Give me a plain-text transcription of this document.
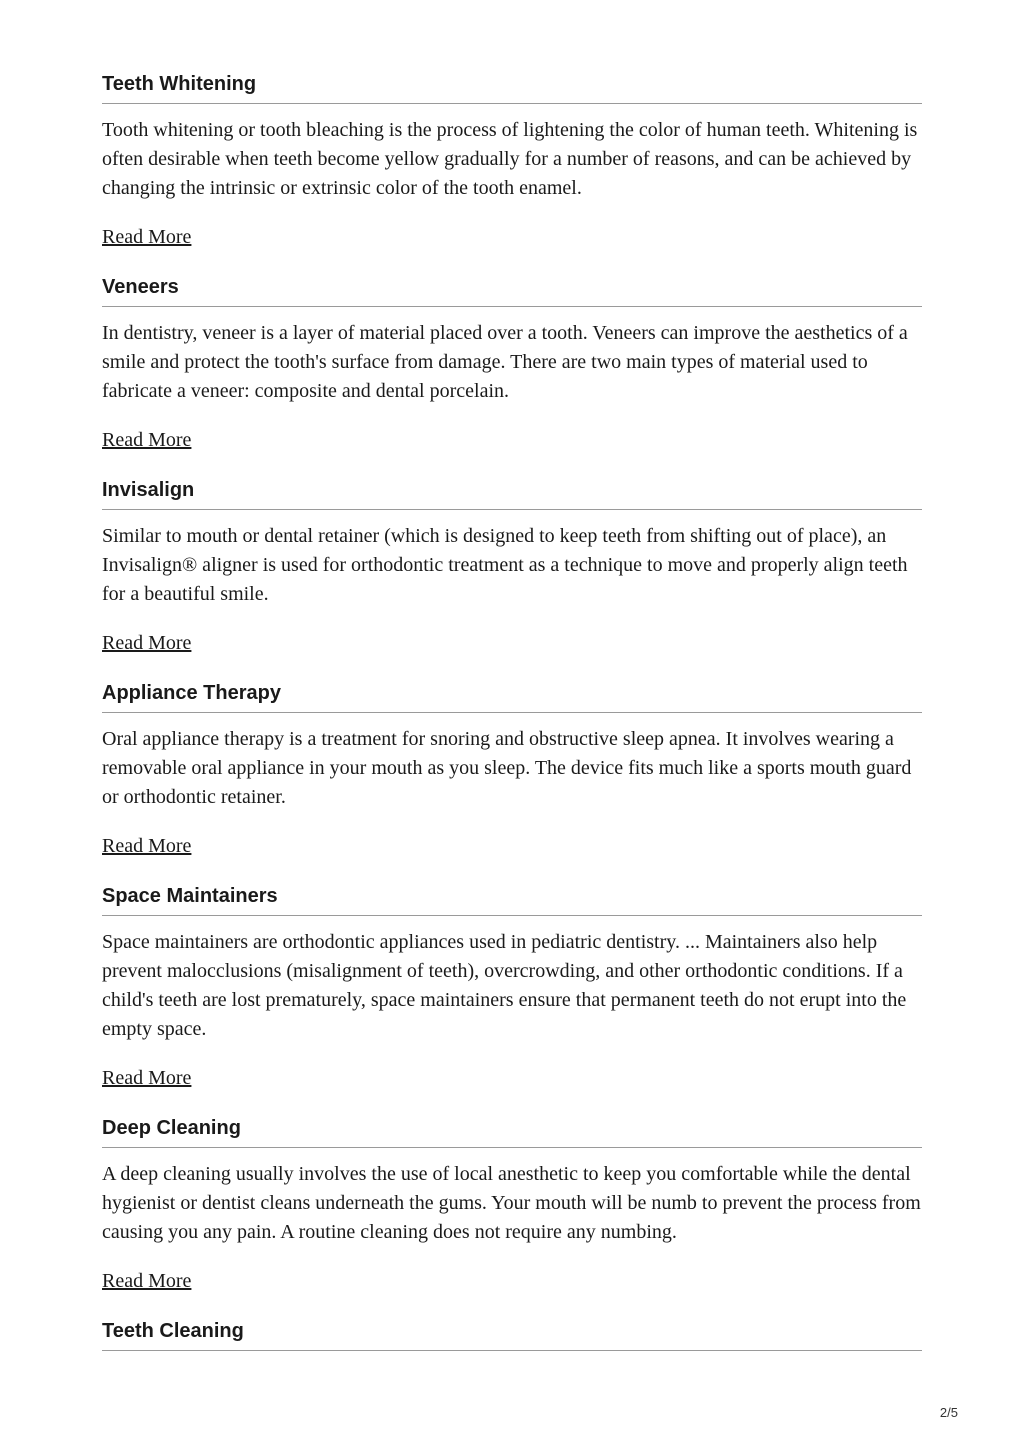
Teeth Whitening

Tooth whitening or tooth bleaching is the process of lightening the color of human teeth. Whitening is often desirable when teeth become yellow gradually for a number of reasons, and can be achieved by changing the intrinsic or extrinsic color of the tooth enamel.

Read More
Veneers

In dentistry, veneer is a layer of material placed over a tooth. Veneers can improve the aesthetics of a smile and protect the tooth's surface from damage. There are two main types of material used to fabricate a veneer: composite and dental porcelain.

Read More
Invisalign

Similar to mouth or dental retainer (which is designed to keep teeth from shifting out of place), an Invisalign® aligner is used for orthodontic treatment as a technique to move and properly align teeth for a beautiful smile.

Read More
Appliance Therapy

Oral appliance therapy is a treatment for snoring and obstructive sleep apnea. It involves wearing a removable oral appliance in your mouth as you sleep. The device fits much like a sports mouth guard or orthodontic retainer.

Read More
Space Maintainers

Space maintainers are orthodontic appliances used in pediatric dentistry. ... Maintainers also help prevent malocclusions (misalignment of teeth), overcrowding, and other orthodontic conditions. If a child's teeth are lost prematurely, space maintainers ensure that permanent teeth do not erupt into the empty space.

Read More
Deep Cleaning

A deep cleaning usually involves the use of local anesthetic to keep you comfortable while the dental hygienist or dentist cleans underneath the gums. Your mouth will be numb to prevent the process from causing you any pain. A routine cleaning does not require any numbing.

Read More
Teeth Cleaning
2/5
